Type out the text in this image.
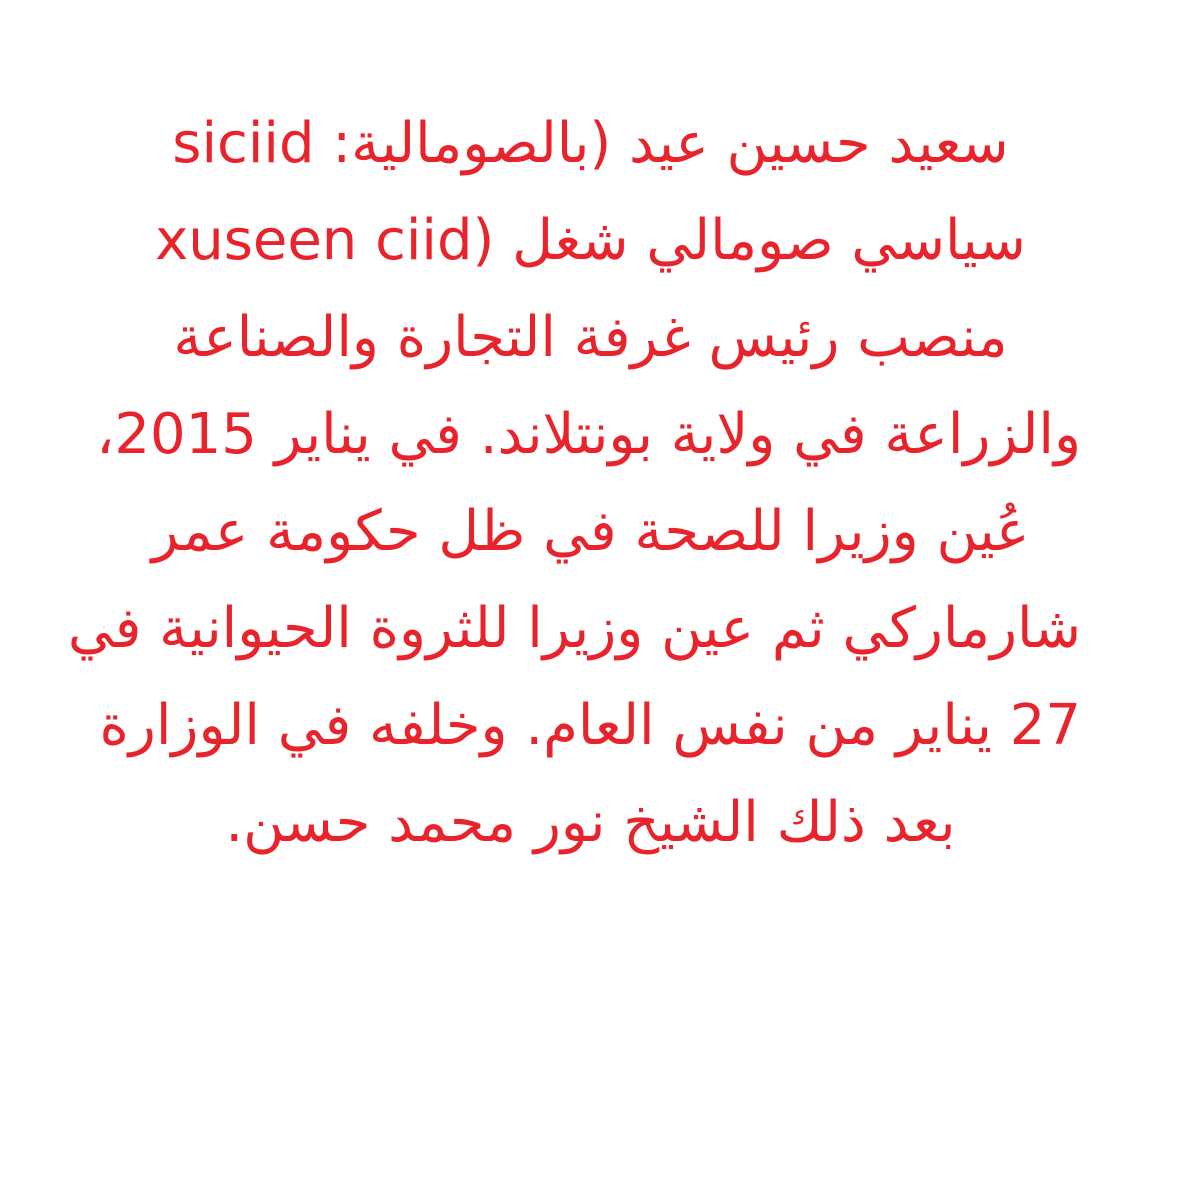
سعيد حسين عيد (بالصومالية: siciid
xuseen ciid) سياسي صومالي شغل
منصب رئيس غرفة التجارة والصناعة
والزراعة في ولاية بونتلاند. في يناير 2015،
عُين وزيرا للصحة في ظل حكومة عمر
شارماركي ثم عين وزيرا للثروة الحيوانية في
27 يناير من نفس العام. وخلفه في الوزارة
بعد ذلك الشيخ نور محمد حسن.
